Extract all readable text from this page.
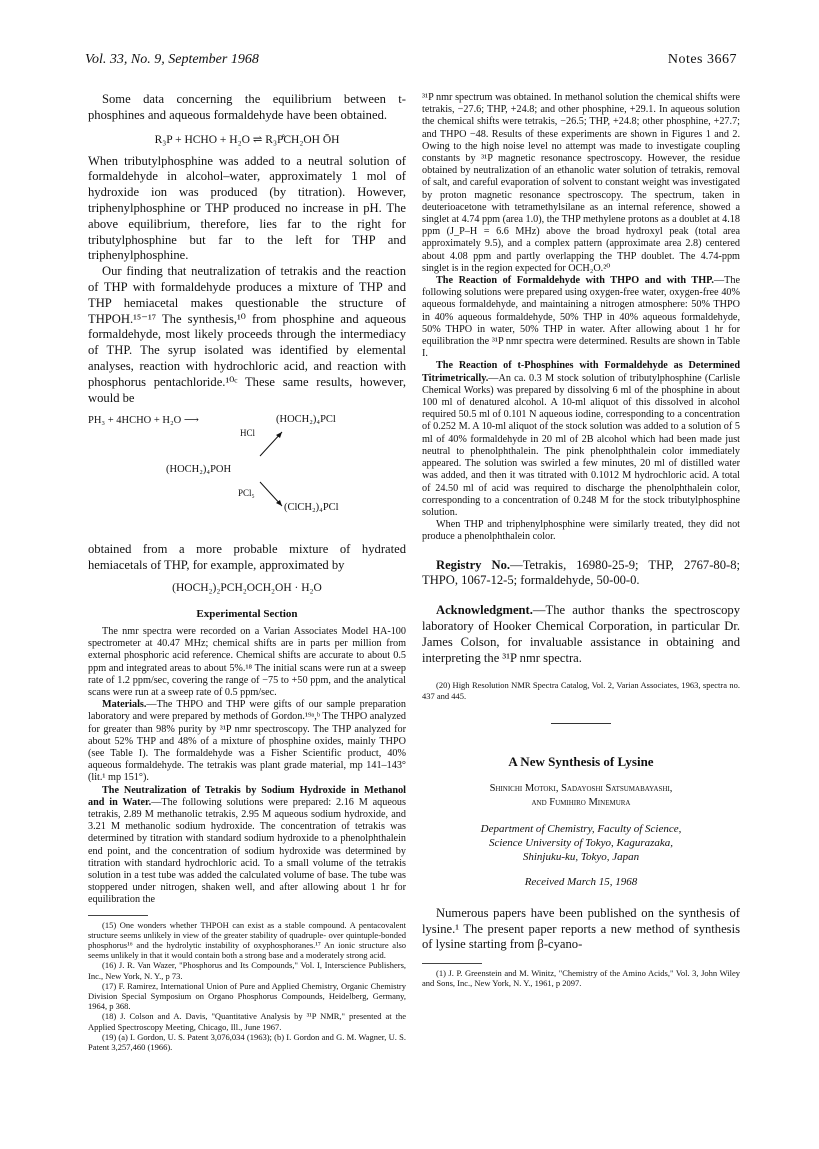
Vol. 33, No. 9, September 1968	Notes 3667

Some data concerning the equilibrium between t-phosphines and aqueous formaldehyde have been obtained.

R₃P + HCHO + H₂O ⇌ R₃P̊CH₂OH ŌH

When tributylphosphine was added to a neutral solution of formaldehyde in alcohol–water, approximately 1 mol of hydroxide ion was produced (by titration). However, triphenylphosphine or THP produced no increase in pH. The above equilibrium, therefore, lies far to the right for tributylphosphine but far to the left for THP and triphenylphosphine.

Our finding that neutralization of tetrakis and the reaction of THP with formaldehyde produces a mixture of THP and THP hemiacetal makes questionable the structure of THPOH.¹⁵⁻¹⁷ The synthesis,¹⁰ from phosphine and aqueous formaldehyde, most likely proceeds through the intermediacy of THP. The syrup isolated was identified by elemental analyses, reaction with hydrochloric acid, and reaction with phosphorus pentachloride.¹⁰ᶜ These same results, however, would be

PH₃ + 4HCHO + H₂O ⟶	(HOCH₂)₄PCl
HCl
(HOCH₂)₄POH
PCl₅
(ClCH₂)₄PCl

obtained from a more probable mixture of hydrated hemiacetals of THP, for example, approximated by

(HOCH₂)₂PCH₂OCH₂OH · H₂O
Experimental Section

The nmr spectra were recorded on a Varian Associates Model HA-100 spectrometer at 40.47 MHz; chemical shifts are in parts per million from external phosphoric acid reference. Chemical shifts are accurate to about 0.5 ppm and integrated areas to about 5%.¹⁸ The initial scans were run at a sweep rate of 1.2 ppm/sec, covering the range of −75 to +50 ppm, and the analytical scans were run at a sweep rate of 0.5 ppm/sec.

Materials.—The THPO and THP were gifts of our sample preparation laboratory and were prepared by methods of Gordon.¹⁹ᵃ,ᵇ The THPO analyzed for greater than 98% purity by ³¹P nmr spectroscopy. The THP analyzed for about 52% THP and 48% of a mixture of phosphine oxides, mainly THPO (see Table I). The formaldehyde was a Fisher Scientific product, 40% aqueous formaldehyde. The tetrakis was plant grade material, mp 141–143° (lit.¹ mp 151°).

The Neutralization of Tetrakis by Sodium Hydroxide in Methanol and in Water.—The following solutions were prepared: 2.16 M aqueous tetrakis, 2.89 M methanolic tetrakis, 2.95 M aqueous sodium hydroxide, and 3.21 M methanolic sodium hydroxide. The concentration of tetrakis was determined by titration with standard sodium hydroxide to a phenolphthalein end point, and the concentration of sodium hydroxide was determined by titration with standard hydrochloric acid. To a small volume of the tetrakis solution in a test tube was added the calculated volume of base. The tube was stoppered under nitrogen, shaken well, and after allowing about 1 hr for equilibration the

(15) One wonders whether THPOH can exist as a stable compound. A pentacovalent structure seems unlikely in view of the greater stability of quadruple- over quintuple-bonded phosphorus¹⁶ and the hydrolytic instability of oxyphosphoranes.¹⁷ An ionic structure also seems unlikely in that it would contain both a strong base and a moderately strong acid.

(16) J. R. Van Wazer, "Phosphorus and Its Compounds," Vol. I, Interscience Publishers, Inc., New York, N. Y., p 73.

(17) F. Ramirez, International Union of Pure and Applied Chemistry, Organic Chemistry Division Special Symposium on Organo Phosphorus Compounds, Heidelberg, Germany, 1964, p 368.

(18) J. Colson and A. Davis, "Quantitative Analysis by ³¹P NMR," presented at the Applied Spectroscopy Meeting, Chicago, Ill., June 1967.

(19) (a) I. Gordon, U. S. Patent 3,076,034 (1963); (b) I. Gordon and G. M. Wagner, U. S. Patent 3,257,460 (1966).

³¹P nmr spectrum was obtained. In methanol solution the chemical shifts were tetrakis, −27.6; THP, +24.8; and other phosphine, +29.1. In aqueous solution the chemical shifts were tetrakis, −26.5; THP, +24.8; other phosphine, +27.7; and THPO −48. Results of these experiments are shown in Figures 1 and 2. Owing to the high noise level no attempt was made to investigate coupling constants by ³¹P magnetic resonance spectroscopy. However, the residue obtained by neutralization of an ethanolic water solution of tetrakis, removal of salt, and careful evaporation of solvent to constant weight was investigated by proton magnetic resonance spectroscopy. The spectrum, taken in deuterioacetone with tetramethylsilane as an internal reference, showed a singlet at 4.74 ppm (area 1.0), the THP methylene protons as a doublet at 4.18 ppm (J_P–H = 6.6 MHz) above the broad hydroxyl peak (total area approximately 9.5), and a complex pattern (approximate area 2.8) centered about 4.08 ppm and partly overlapping the THP doublet. The 4.74-ppm singlet is in the region expected for OCH₂O.²⁰

The Reaction of Formaldehyde with THPO and with THP.—The following solutions were prepared using oxygen-free water, oxygen-free 40% aqueous formaldehyde, and maintaining a nitrogen atmosphere: 50% THPO in 40% aqueous formaldehyde, 50% THP in 40% aqueous formaldehyde, 50% THPO in water, 50% THP in water. After allowing about 1 hr for equilibration the ³¹P nmr spectra were determined. Results are shown in Table I.

The Reaction of t-Phosphines with Formaldehyde as Determined Titrimetrically.—An ca. 0.3 M stock solution of tributylphosphine (Carlisle Chemical Works) was prepared by dissolving 6 ml of the phosphine in about 100 ml of denatured alcohol. A 10-ml aliquot of this dissolved in alcohol required 50.5 ml of 0.101 N aqueous iodine, corresponding to a concentration of 0.252 M. A 10-ml aliquot of the stock solution was added to a solution of 5 ml of 40% formaldehyde in 20 ml of 2B alcohol which had been made just neutral to phenolphthalein. The pink phenolphthalein color immediately appeared. The solution was swirled a few minutes, 20 ml of distilled water was added, and then it was titrated with 0.1012 M hydrochloric acid. A total of 24.50 ml of acid was required to discharge the phenolphthalein color, corresponding to a concentration of 0.248 M for the stock tributylphosphine solution.

When THP and triphenylphosphine were similarly treated, they did not produce a phenolphthalein color.

Registry No.—Tetrakis, 16980-25-9; THP, 2767-80-8; THPO, 1067-12-5; formaldehyde, 50-00-0.

Acknowledgment.—The author thanks the spectroscopy laboratory of Hooker Chemical Corporation, in particular Dr. James Colson, for invaluable assistance in obtaining and interpreting the ³¹P nmr spectra.

(20) High Resolution NMR Spectra Catalog, Vol. 2, Varian Associates, 1963, spectra no. 437 and 445.

A New Synthesis of Lysine
Shinichi Motoki, Sadayoshi Satsumabayashi,
and Fumihiro Minemura
Department of Chemistry, Faculty of Science,
Science University of Tokyo, Kagurazaka,
Shinjuku-ku, Tokyo, Japan
Received March 15, 1968

Numerous papers have been published on the synthesis of lysine.¹ The present paper reports a new method of synthesis of lysine starting from β-cyano-

(1) J. P. Greenstein and M. Winitz, "Chemistry of the Amino Acids," Vol. 3, John Wiley and Sons, Inc., New York, N. Y., 1961, p 2097.
